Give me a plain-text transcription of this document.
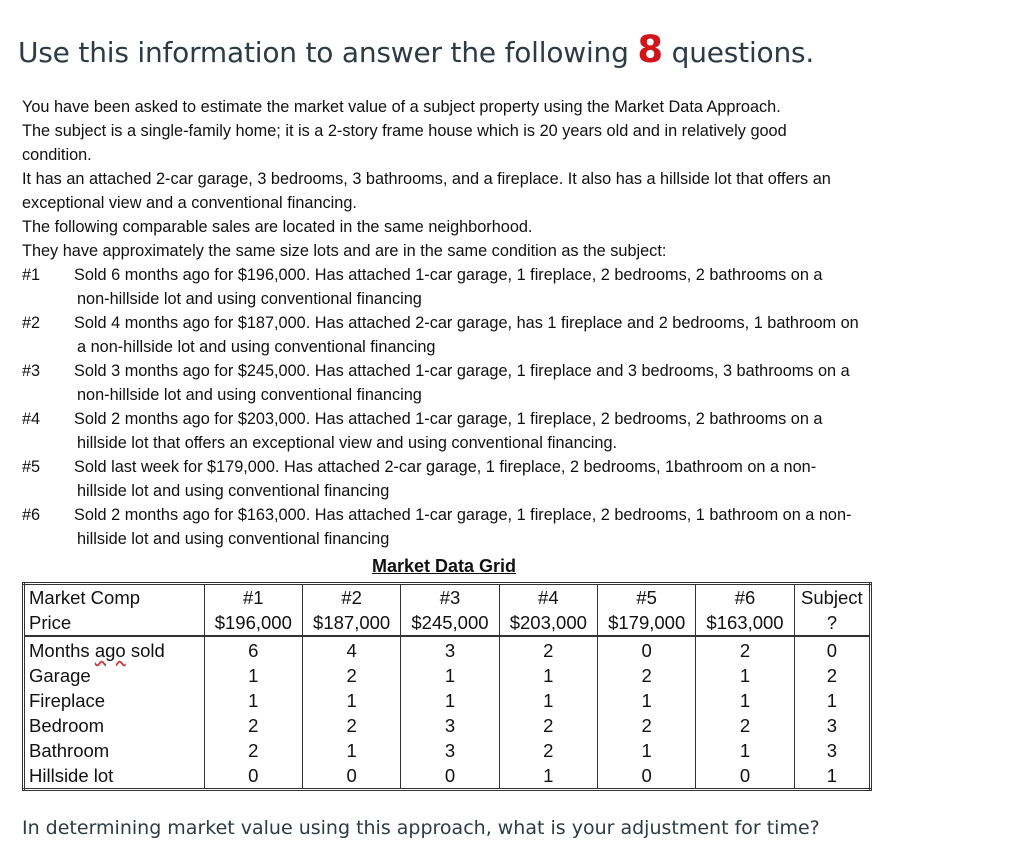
Use this information to answer the following 8 questions.
You have been asked to estimate the market value of a subject property using the Market Data Approach.
The subject is a single-family home; it is a 2-story frame house which is 20 years old and in relatively good
condition.
It has an attached 2-car garage, 3 bedrooms, 3 bathrooms, and a fireplace. It also has a hillside lot that offers an
exceptional view and a conventional financing.
The following comparable sales are located in the same neighborhood.
They have approximately the same size lots and are in the same condition as the subject:
#1	Sold 6 months ago for $196,000. Has attached 1-car garage, 1 fireplace, 2 bedrooms, 2 bathrooms on a
non-hillside lot and using conventional financing
#2	Sold 4 months ago for $187,000. Has attached 2-car garage, has 1 fireplace and 2 bedrooms, 1 bathroom on
a non-hillside lot and using conventional financing
#3	Sold 3 months ago for $245,000. Has attached 1-car garage, 1 fireplace and 3 bedrooms, 3 bathrooms on a
non-hillside lot and using conventional financing
#4	Sold 2 months ago for $203,000. Has attached 1-car garage, 1 fireplace, 2 bedrooms, 2 bathrooms on a
hillside lot that offers an exceptional view and using conventional financing.
#5	Sold last week for $179,000. Has attached 2-car garage, 1 fireplace, 2 bedrooms, 1bathroom on a non-
hillside lot and using conventional financing
#6	Sold 2 months ago for $163,000. Has attached 1-car garage, 1 fireplace, 2 bedrooms, 1 bathroom on a non-
hillside lot and using conventional financing
Market Data Grid
Market Comp	#1	#2	#3	#4	#5	#6	Subject
Price	$196,000	$187,000	$245,000	$203,000	$179,000	$163,000	?
Months ago sold	6	4	3	2	0	2	0
Garage	1	2	1	1	2	1	2
Fireplace	1	1	1	1	1	1	1
Bedroom	2	2	3	2	2	2	3
Bathroom	2	1	3	2	1	1	3
Hillside lot	0	0	0	1	0	0	1
In determining market value using this approach, what is your adjustment for time?
